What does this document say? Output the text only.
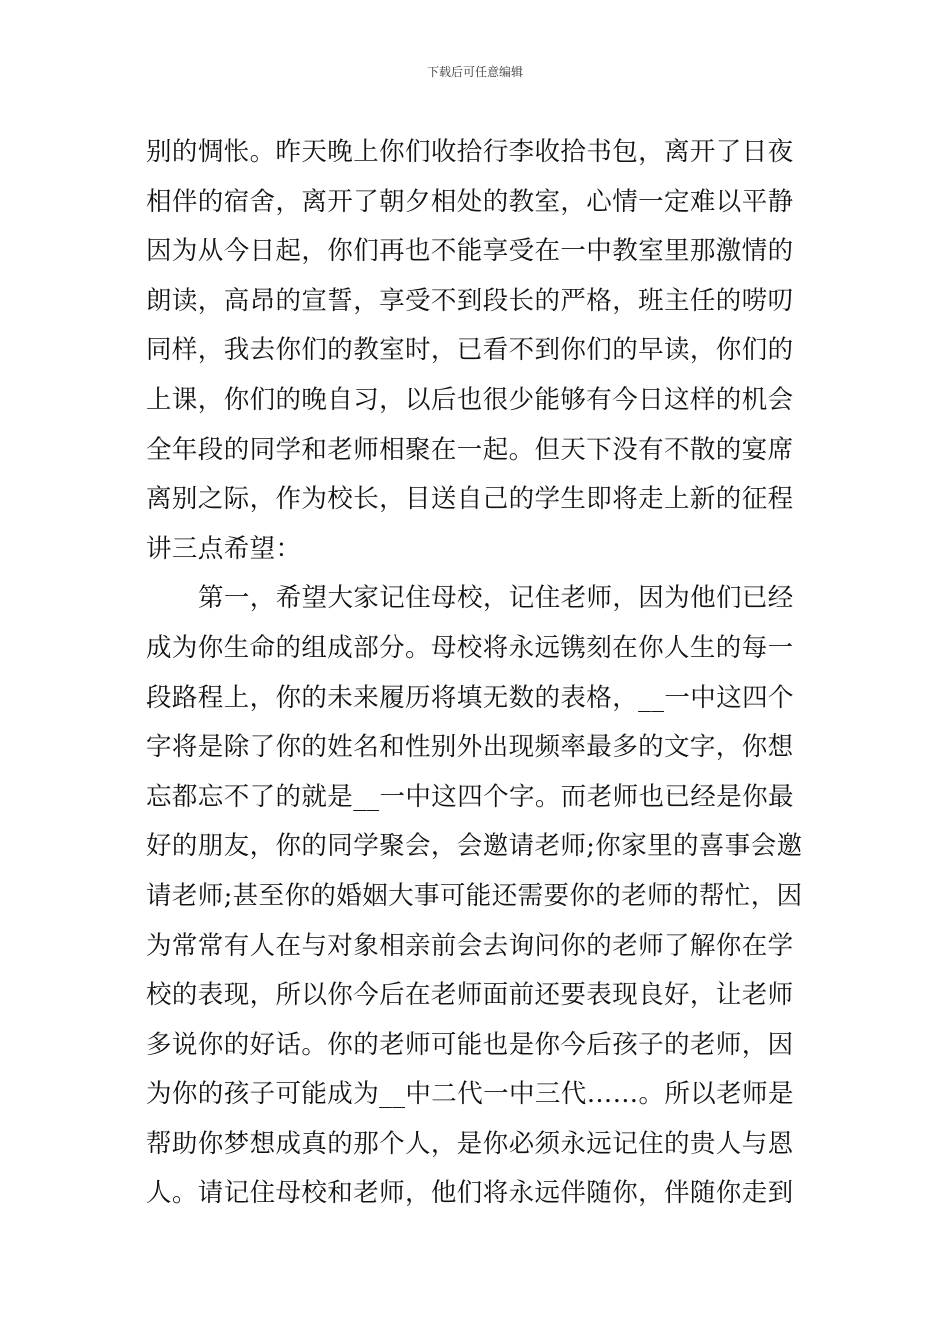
下载后可任意编辑
别的惆怅。昨天晚上你们收拾行李收拾书包，离开了日夜
相伴的宿舍，离开了朝夕相处的教室，心情一定难以平静
因为从今日起，你们再也不能享受在一中教室里那激情的
朗读，高昂的宣誓，享受不到段长的严格，班主任的唠叨
同样，我去你们的教室时，已看不到你们的早读，你们的
上课，你们的晚自习，以后也很少能够有今日这样的机会
全年段的同学和老师相聚在一起。但天下没有不散的宴席
离别之际，作为校长，目送自己的学生即将走上新的征程
讲三点希望：
第一，希望大家记住母校，记住老师，因为他们已经
成为你生命的组成部分。母校将永远镌刻在你人生的每一
段路程上，你的未来履历将填无数的表格，__一中这四个
字将是除了你的姓名和性别外出现频率最多的文字，你想
忘都忘不了的就是__一中这四个字。而老师也已经是你最
好的朋友，你的同学聚会，会邀请老师;你家里的喜事会邀
请老师;甚至你的婚姻大事可能还需要你的老师的帮忙，因
为常常有人在与对象相亲前会去询问你的老师了解你在学
校的表现，所以你今后在老师面前还要表现良好，让老师
多说你的好话。你的老师可能也是你今后孩子的老师，因
为你的孩子可能成为__中二代一中三代……。所以老师是
帮助你梦想成真的那个人，是你必须永远记住的贵人与恩
人。请记住母校和老师，他们将永远伴随你，伴随你走到
